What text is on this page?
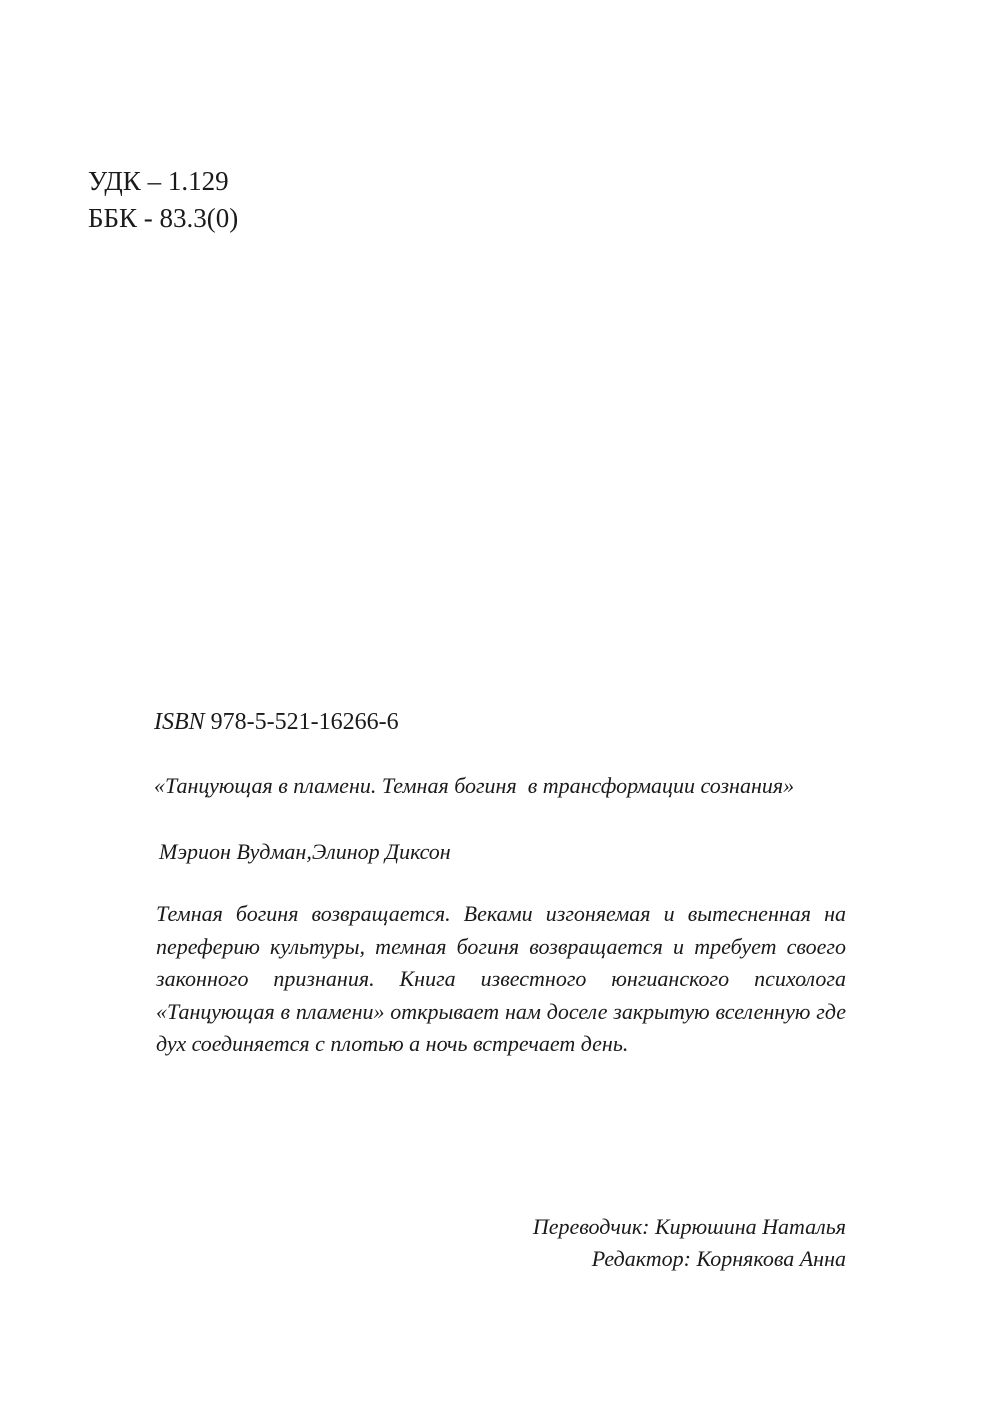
УДК – 1.129
ББК - 83.3(0)
ISBN 978-5-521-16266-6
«Танцующая в пламени. Темная богиня  в трансформации сознания»
Мэрион Вудман,Элинор Диксон
Темная богиня возвращается. Веками изгоняемая и вытесненная на переферию культуры, темная богиня возвращается и требует своего законного признания. Книга известного юнгианского психолога «Танцующая в пламени» открывает нам доселе закрытую вселенную где дух соединяется с плотью а ночь встречает день.
Переводчик: Кирюшина Наталья
Редактор: Корнякова Анна
